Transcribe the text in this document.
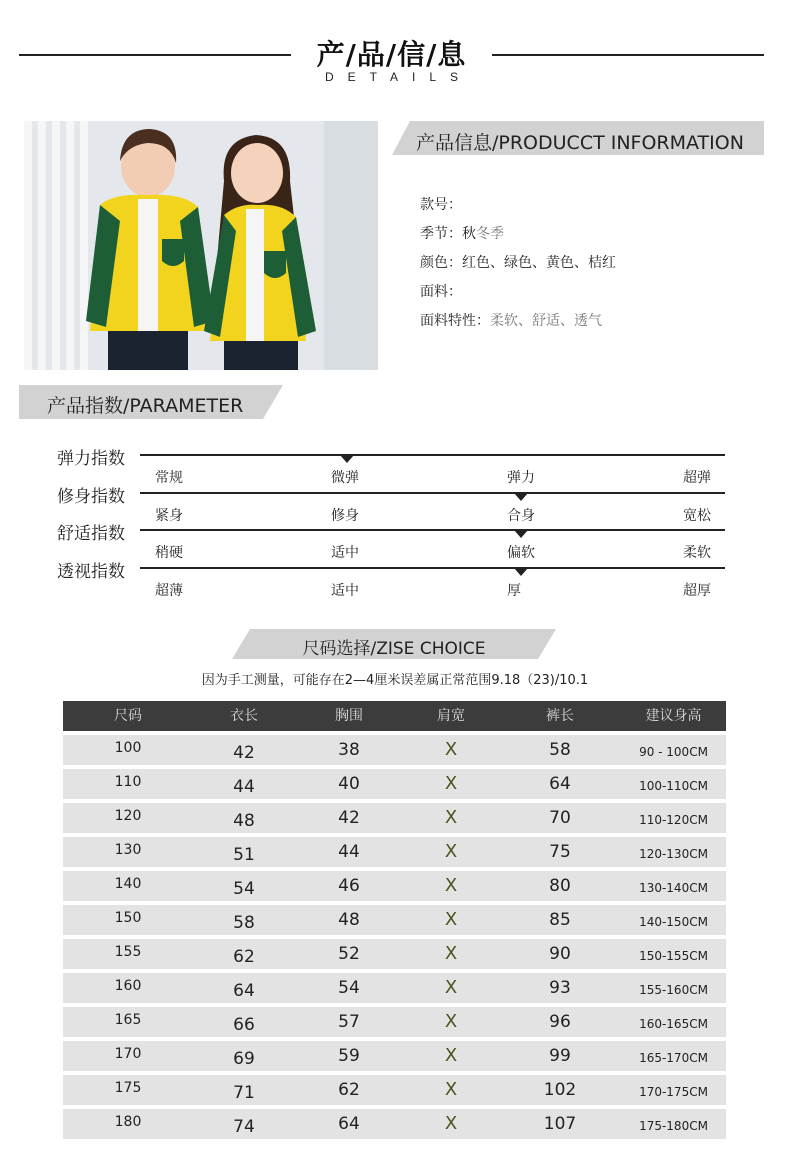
产/品/信/息
DETAILS
产品信息/PRODUCCT INFORMATION
款号：
季节：秋冬季
颜色：红色、绿色、黄色、桔红
面料：
面料特性：柔软、舒适、透气
产品指数/PARAMETER
弹力指数
常规	微弹	弹力	超弹
修身指数
紧身	修身	合身	宽松
舒适指数
稍硬	适中	偏软	柔软
透视指数
超薄	适中	厚	超厚
尺码选择/ZISE CHOICE
因为手工测量，可能存在2—4厘米误差属正常范围9.18（23)/10.1
尺码	衣长	胸围	肩宽	裤长	建议身高
100	42	38	X	58	90 - 100CM
110	44	40	X	64	100-110CM
120	48	42	X	70	110-120CM
130	51	44	X	75	120-130CM
140	54	46	X	80	130-140CM
150	58	48	X	85	140-150CM
155	62	52	X	90	150-155CM
160	64	54	X	93	155-160CM
165	66	57	X	96	160-165CM
170	69	59	X	99	165-170CM
175	71	62	X	102	170-175CM
180	74	64	X	107	175-180CM
